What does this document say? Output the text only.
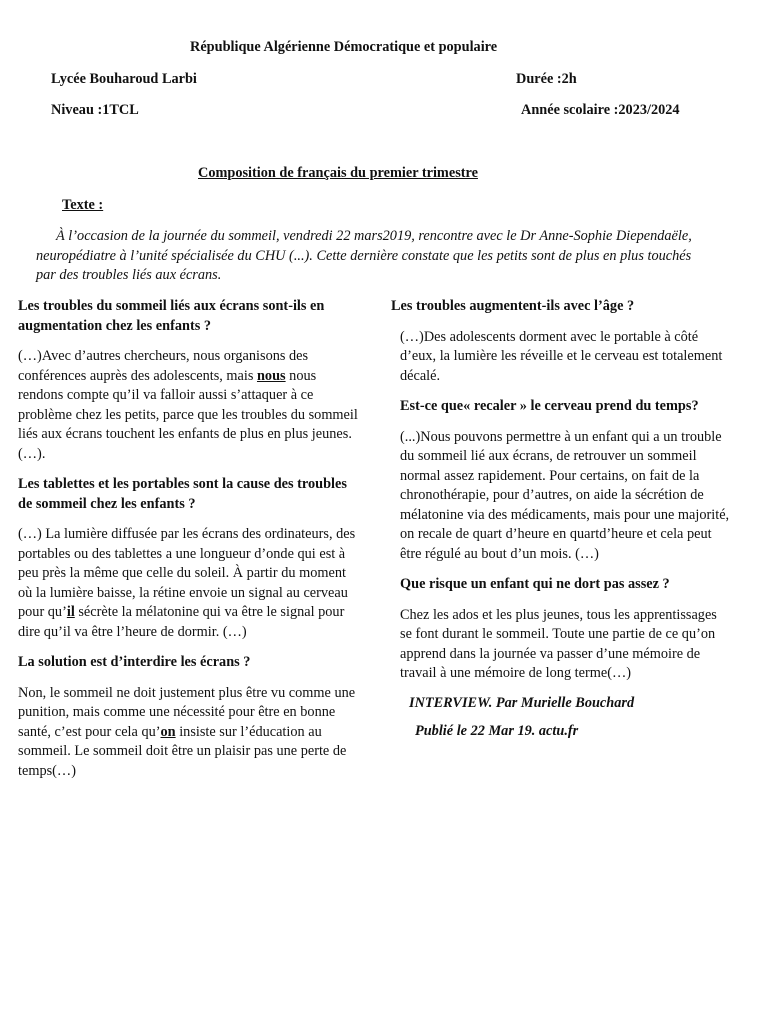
République Algérienne Démocratique et populaire
Lycée Bouharoud Larbi	Durée :2h
Niveau :1TCL	Année scolaire :2023/2024
Composition de français du premier trimestre
Texte :

À l’occasion de la journée du sommeil, vendredi 22 mars2019, rencontre avec le Dr Anne-Sophie Diependaële, neuropédiatre à l’unité spécialisée du CHU (...). Cette dernière constate que les petits sont de plus en plus touchés par des troubles liés aux écrans.

Les troubles du sommeil liés aux écrans sont-ils en augmentation chez les enfants ?

(…)Avec d’autres chercheurs, nous organisons des conférences auprès des adolescents, mais nous nous rendons compte qu’il va falloir aussi s’attaquer à ce problème chez les petits, parce que les troubles du sommeil liés aux écrans touchent les enfants de plus en plus jeunes.(…).

Les tablettes et les portables sont la cause des troubles de sommeil chez les enfants ?

(…) La lumière diffusée par les écrans des ordinateurs, des portables ou des tablettes a une longueur d’onde qui est à peu près la même que celle du soleil. À partir du moment où la lumière baisse, la rétine envoie un signal au cerveau pour qu’il sécrète la mélatonine qui va être le signal pour dire qu’il va être l’heure de dormir. (…)

La solution est d’interdire les écrans ?

Non, le sommeil ne doit justement plus être vu comme une punition, mais comme une nécessité pour être en bonne santé, c’est pour cela qu’on insiste sur l’éducation au sommeil. Le sommeil doit être un plaisir pas une perte de temps(…)

Les troubles augmentent-ils avec l’âge ?

(…)Des adolescents dorment avec le portable à côté d’eux, la lumière les réveille et le cerveau est totalement décalé.

Est-ce que« recaler » le cerveau prend du temps?

(...)Nous pouvons permettre à un enfant qui a un trouble du sommeil lié aux écrans, de retrouver un sommeil normal assez rapidement. Pour certains, on fait de la chronothérapie, pour d’autres, on aide la sécrétion de mélatonine via des médicaments, mais pour une majorité, on recale de quart d’heure en quartd’heure et cela peut être régulé au bout d’un mois. (…)

Que risque un enfant qui ne dort pas assez ?

Chez les ados et les plus jeunes, tous les apprentissages se font durant le sommeil. Toute une partie de ce qu’on apprend dans la journée va passer d’une mémoire de travail à une mémoire de long terme(…)

INTERVIEW. Par Murielle Bouchard

Publié le 22 Mar 19. actu.fr
